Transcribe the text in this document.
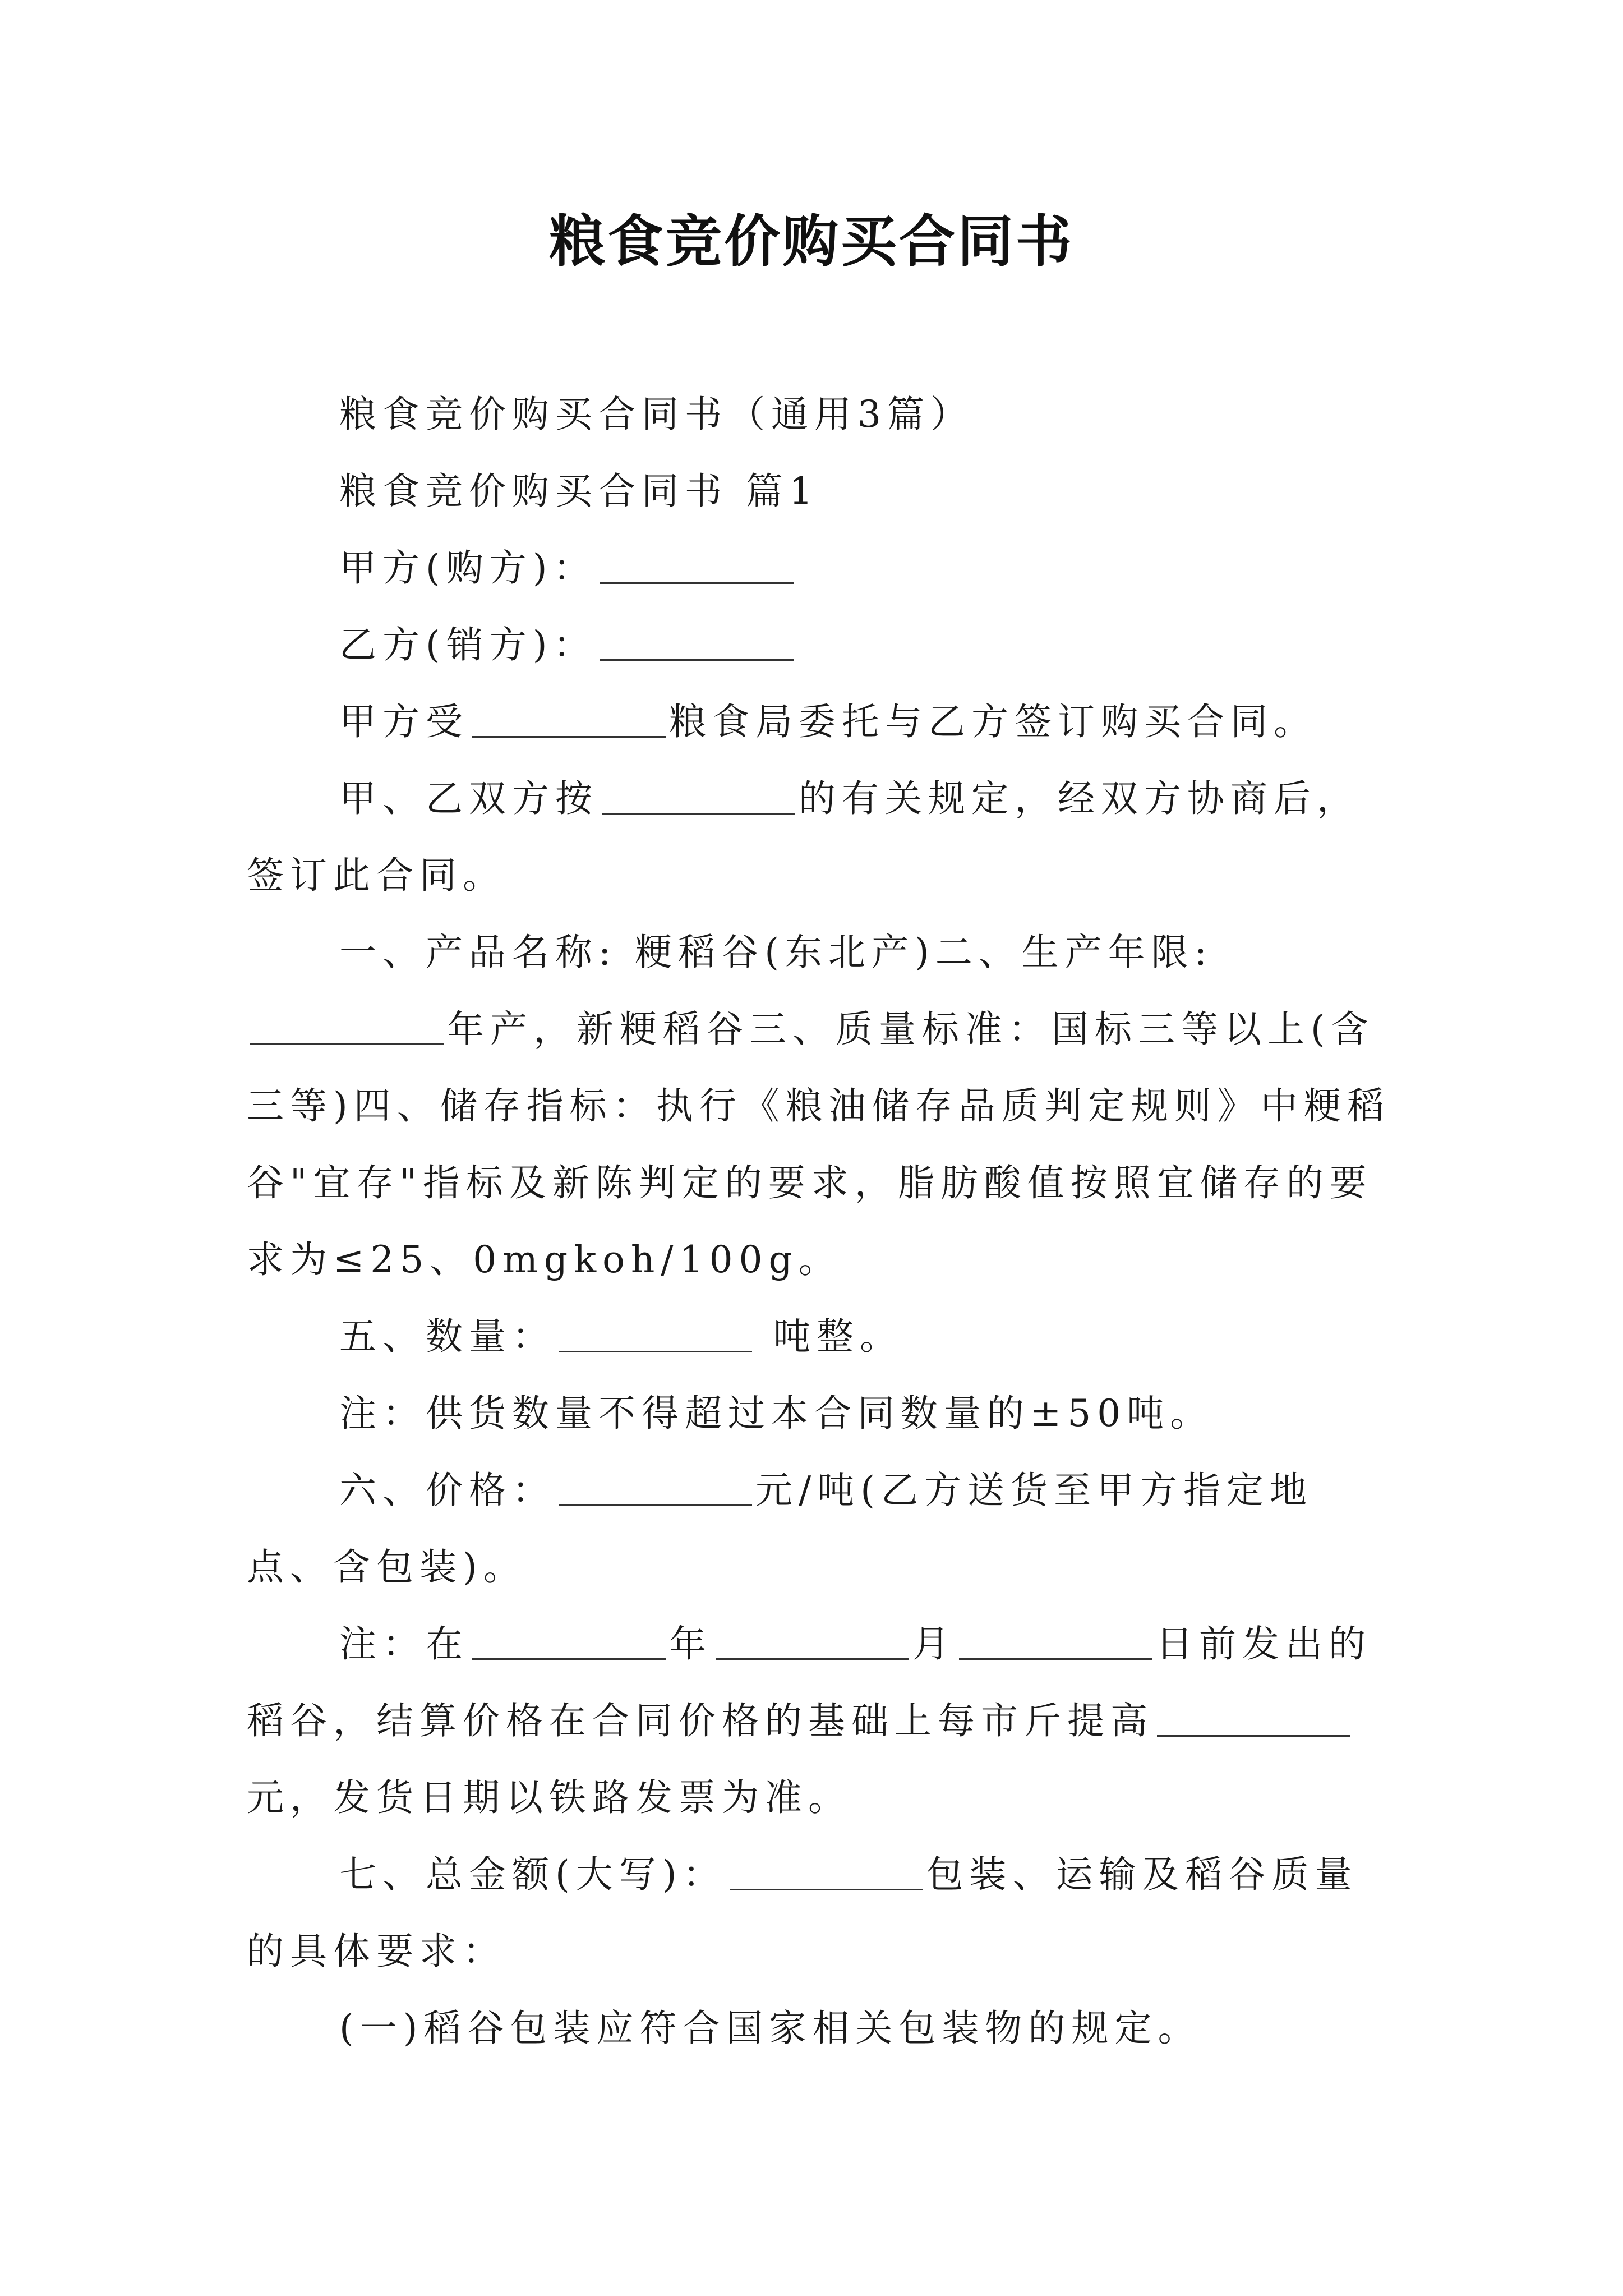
粮食竞价购买合同书

粮食竞价购买合同书（通用3篇）

粮食竞价购买合同书 篇1

甲方(购方)：

乙方(销方)：

甲方受	粮食局委托与乙方签订购买合同。

甲、乙双方按	的有关规定，经双方协商后，签订此合同。

一、产品名称: 粳稻谷(东北产)二、生产年限: 年产，新粳稻谷三、质量标准：国标三等以上(含三等)四、储存指标：执行《粮油储存品质判定规则》中粳稻谷"宜存"指标及新陈判定的要求，脂肪酸值按照宜储存的要求为≤25、0mgkoh/100g。

五、数量：	吨整。

注：供货数量不得超过本合同数量的±50吨。

六、价格：	元/吨(乙方送货至甲方指定地点、含包装)。

注：在	年	月	日前发出的稻谷，结算价格在合同价格的基础上每市斤提高元，发货日期以铁路发票为准。

七、总金额(大写)：	包装、运输及稻谷质量的具体要求：

(一)稻谷包装应符合国家相关包装物的规定。
